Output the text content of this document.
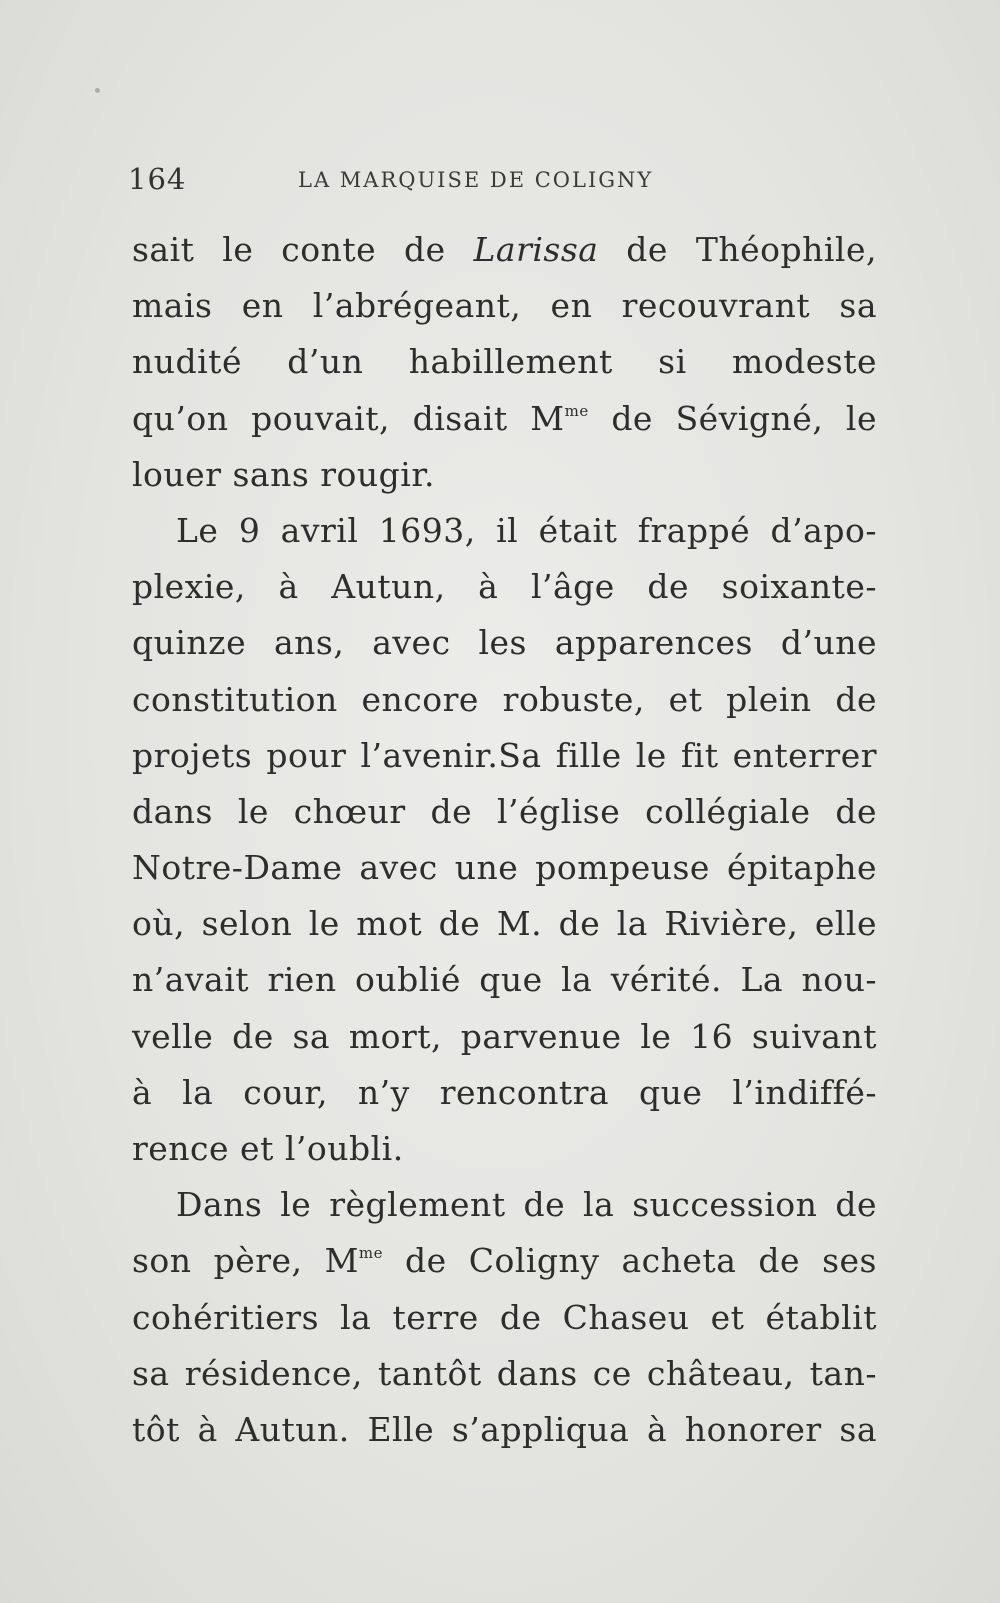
164	LA MARQUISE DE COLIGNY
sait le conte de Larissa de Théophile,
mais en l’abrégeant, en recouvrant sa
nudité d’un habillement si modeste
qu’on pouvait, disait $M^{me}$ de Sévigné, le
louer sans rougir.
Le 9 avril 1693, il était frappé d’apo-
plexie, à Autun, à l’âge de soixante-
quinze ans, avec les apparences d’une
constitution encore robuste, et plein de
projets pour l’avenir.Sa fille le fit enterrer
dans le chœur de l’église collégiale de
Notre-Dame avec une pompeuse épitaphe
où, selon le mot de M. de la Rivière, elle
n’avait rien oublié que la vérité. La nou-
velle de sa mort, parvenue le 16 suivant
à la cour, n’y rencontra que l’indiffé-
rence et l’oubli.
Dans le règlement de la succession de
son père, $M^{me}$ de Coligny acheta de ses
cohéritiers la terre de Chaseu et établit
sa résidence, tantôt dans ce château, tan-
tôt à Autun. Elle s’appliqua à honorer sa
